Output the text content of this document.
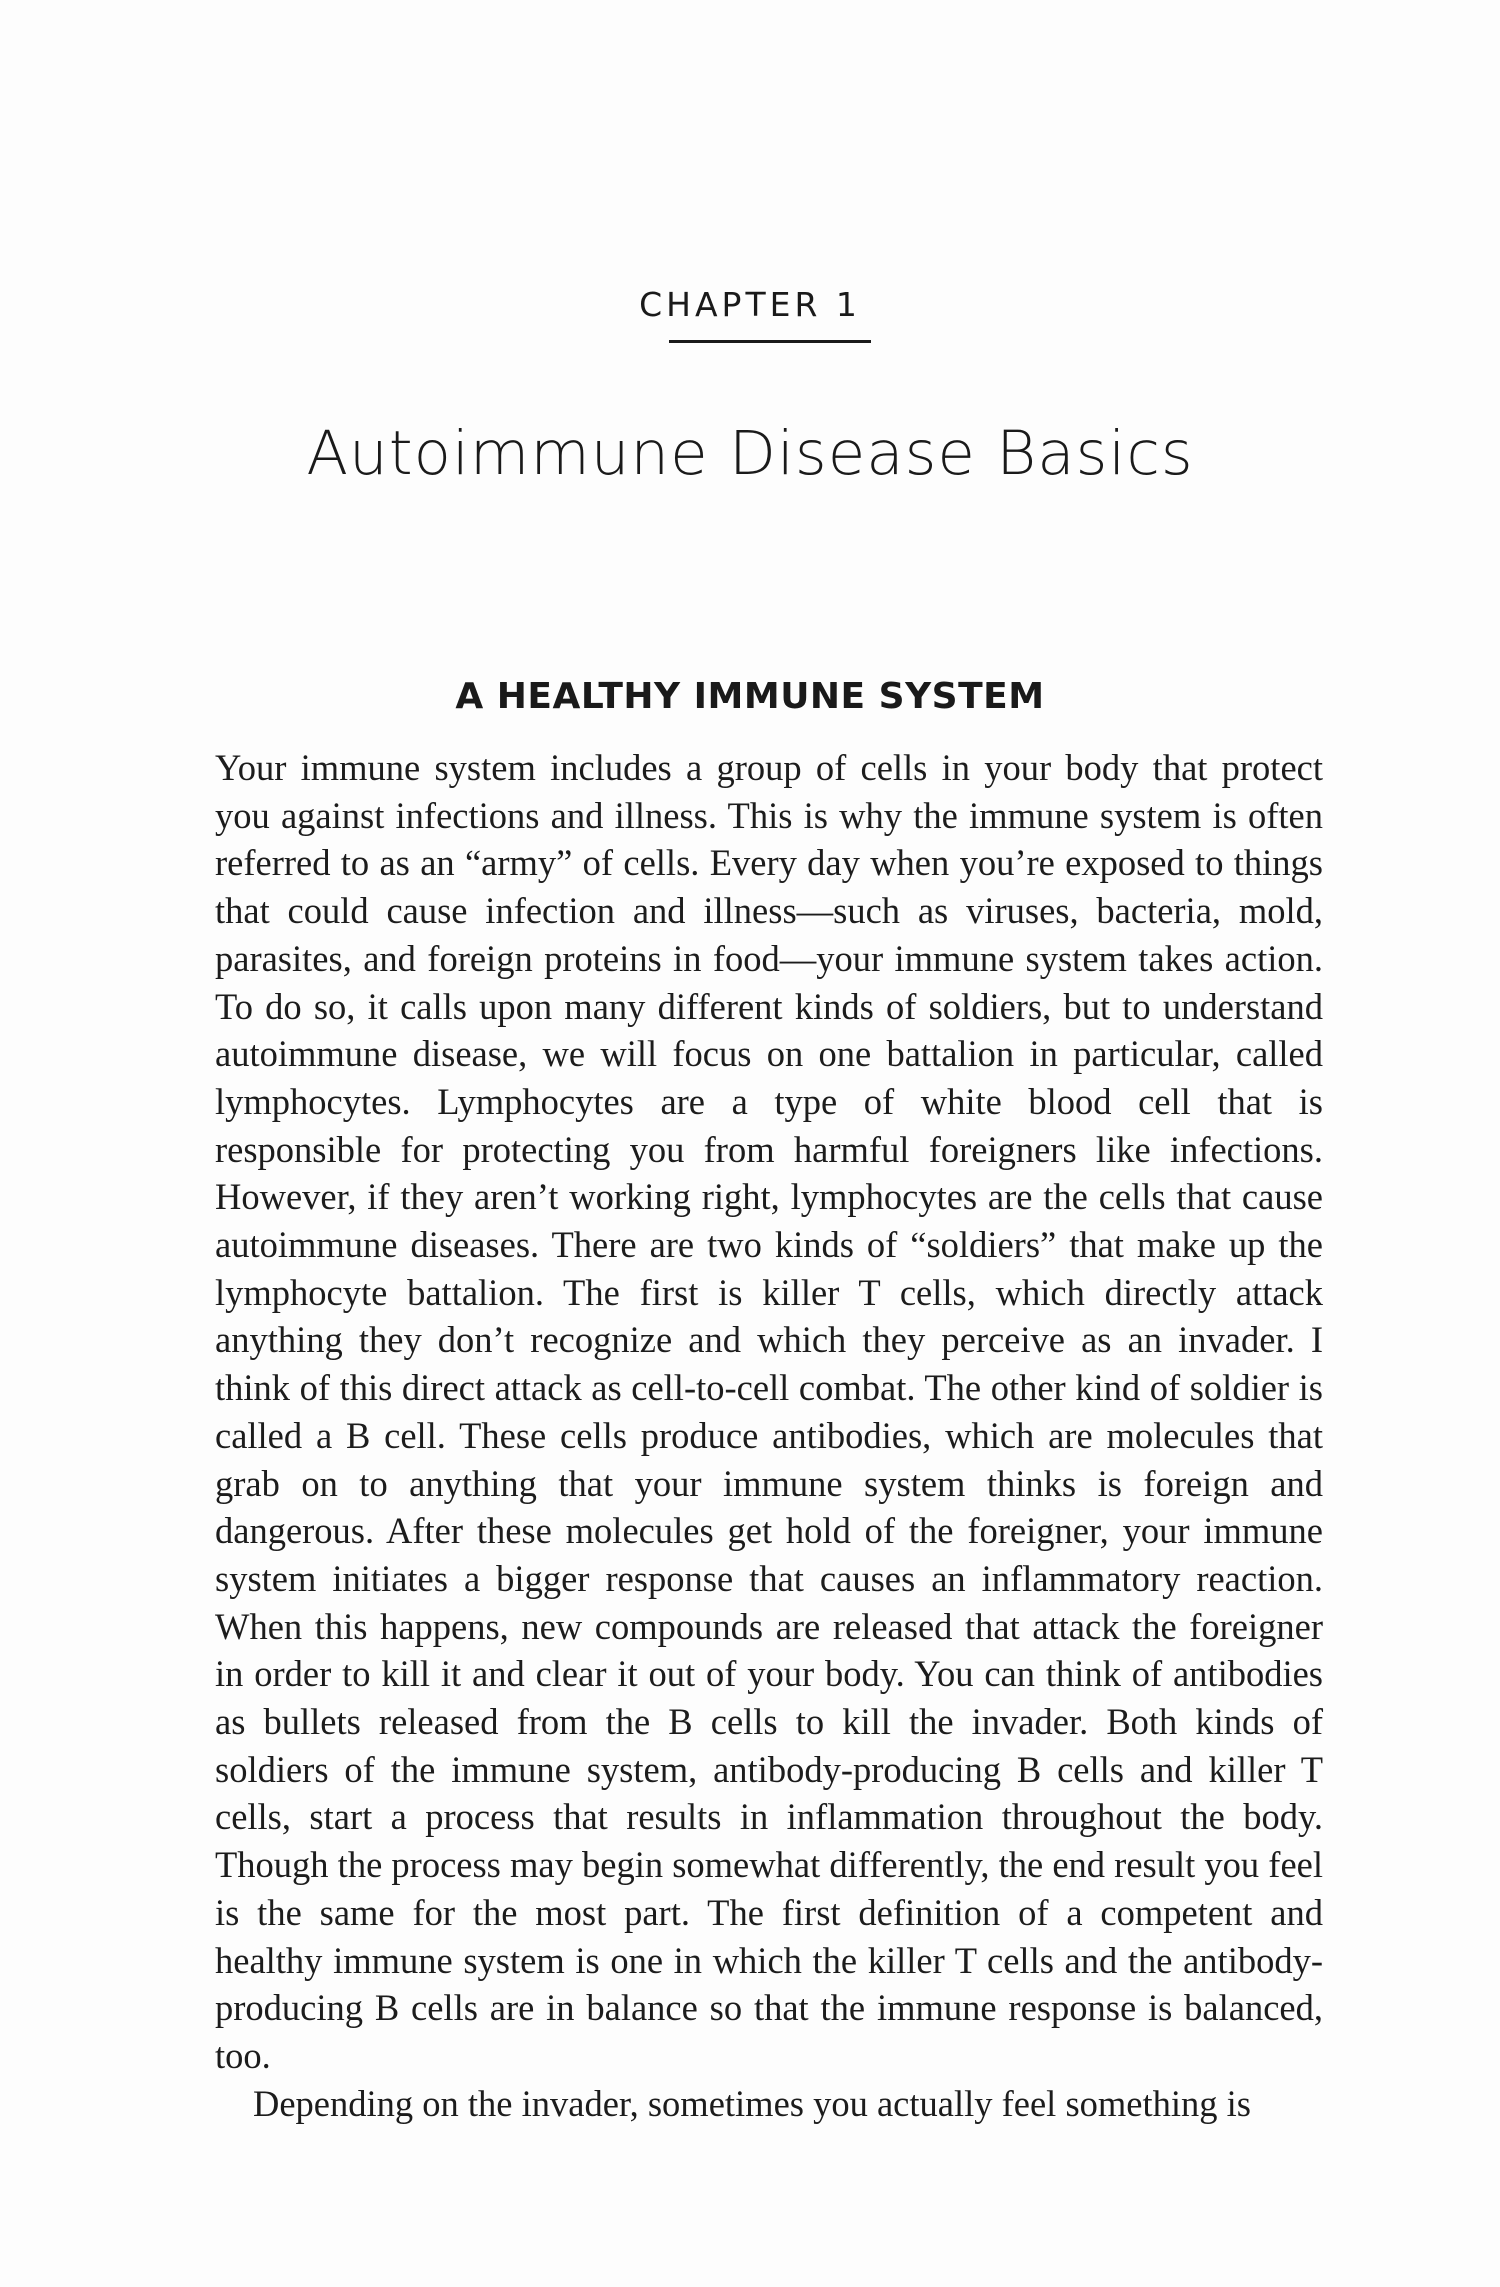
CHAPTER 1
Autoimmune Disease Basics
A HEALTHY IMMUNE SYSTEM

Your immune system includes a group of cells in your body that protect you against infections and illness. This is why the immune system is often referred to as an “army” of cells. Every day when you’re exposed to things that could cause infection and illness—such as viruses, bacteria, mold, parasites, and foreign proteins in food—your immune system takes action. To do so, it calls upon many different kinds of soldiers, but to understand autoimmune disease, we will focus on one battalion in particular, called lymphocytes. Lymphocytes are a type of white blood cell that is responsible for protecting you from harmful foreigners like infections. However, if they aren’t working right, lymphocytes are the cells that cause autoimmune diseases. There are two kinds of “soldiers” that make up the lymphocyte battalion. The first is killer T cells, which directly attack anything they don’t recognize and which they perceive as an invader. I think of this direct attack as cell-to-cell combat. The other kind of soldier is called a B cell. These cells produce antibodies, which are molecules that grab on to anything that your immune system thinks is foreign and dangerous. After these molecules get hold of the foreigner, your immune system initiates a bigger response that causes an inflammatory reaction. When this happens, new compounds are released that attack the foreigner in order to kill it and clear it out of your body. You can think of antibodies as bullets released from the B cells to kill the invader. Both kinds of soldiers of the immune system, antibody-producing B cells and killer T cells, start a process that results in inflammation throughout the body. Though the process may begin somewhat differently, the end result you feel is the same for the most part. The first definition of a competent and healthy immune system is one in which the killer T cells and the antibody-producing B cells are in balance so that the immune response is balanced, too.

Depending on the invader, sometimes you actually feel something is
